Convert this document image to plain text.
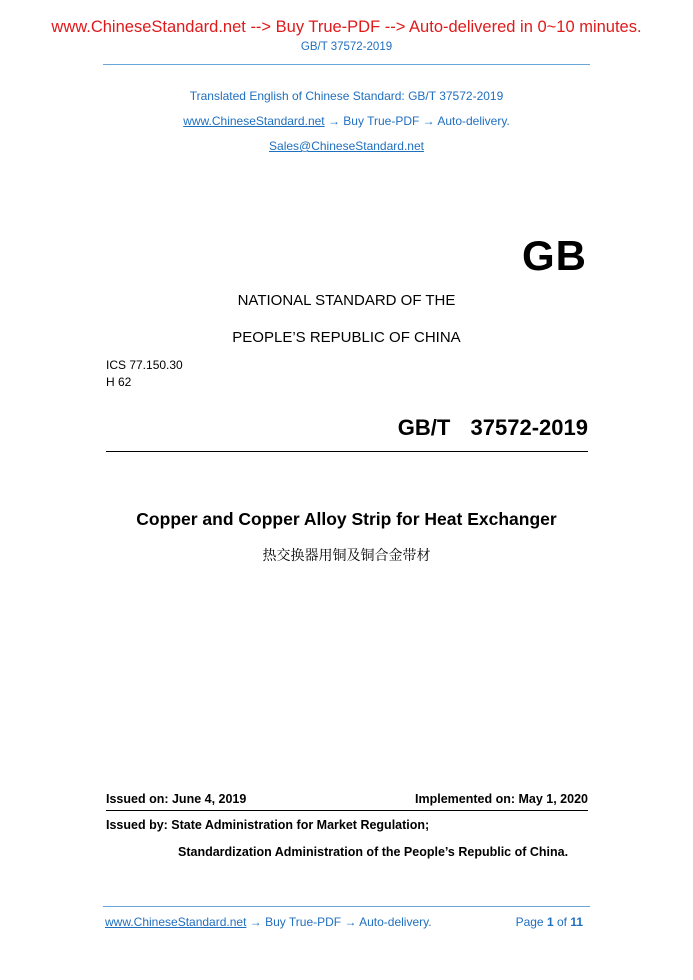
www.ChineseStandard.net --> Buy True-PDF --> Auto-delivered in 0~10 minutes.
GB/T 37572-2019
Translated English of Chinese Standard: GB/T 37572-2019
www.ChineseStandard.net → Buy True-PDF → Auto-delivery.
Sales@ChineseStandard.net
GB
NATIONAL STANDARD OF THE
PEOPLE’S REPUBLIC OF CHINA
ICS 77.150.30
H 62
GB/T  37572-2019
Copper and Copper Alloy Strip for Heat Exchanger
热交换器用铜及铜合金带材
Issued on: June 4, 2019	Implemented on: May 1, 2020
Issued by: State Administration for Market Regulation;
Standardization Administration of the People’s Republic of China.
www.ChineseStandard.net → Buy True-PDF → Auto-delivery.	Page 1 of 11
